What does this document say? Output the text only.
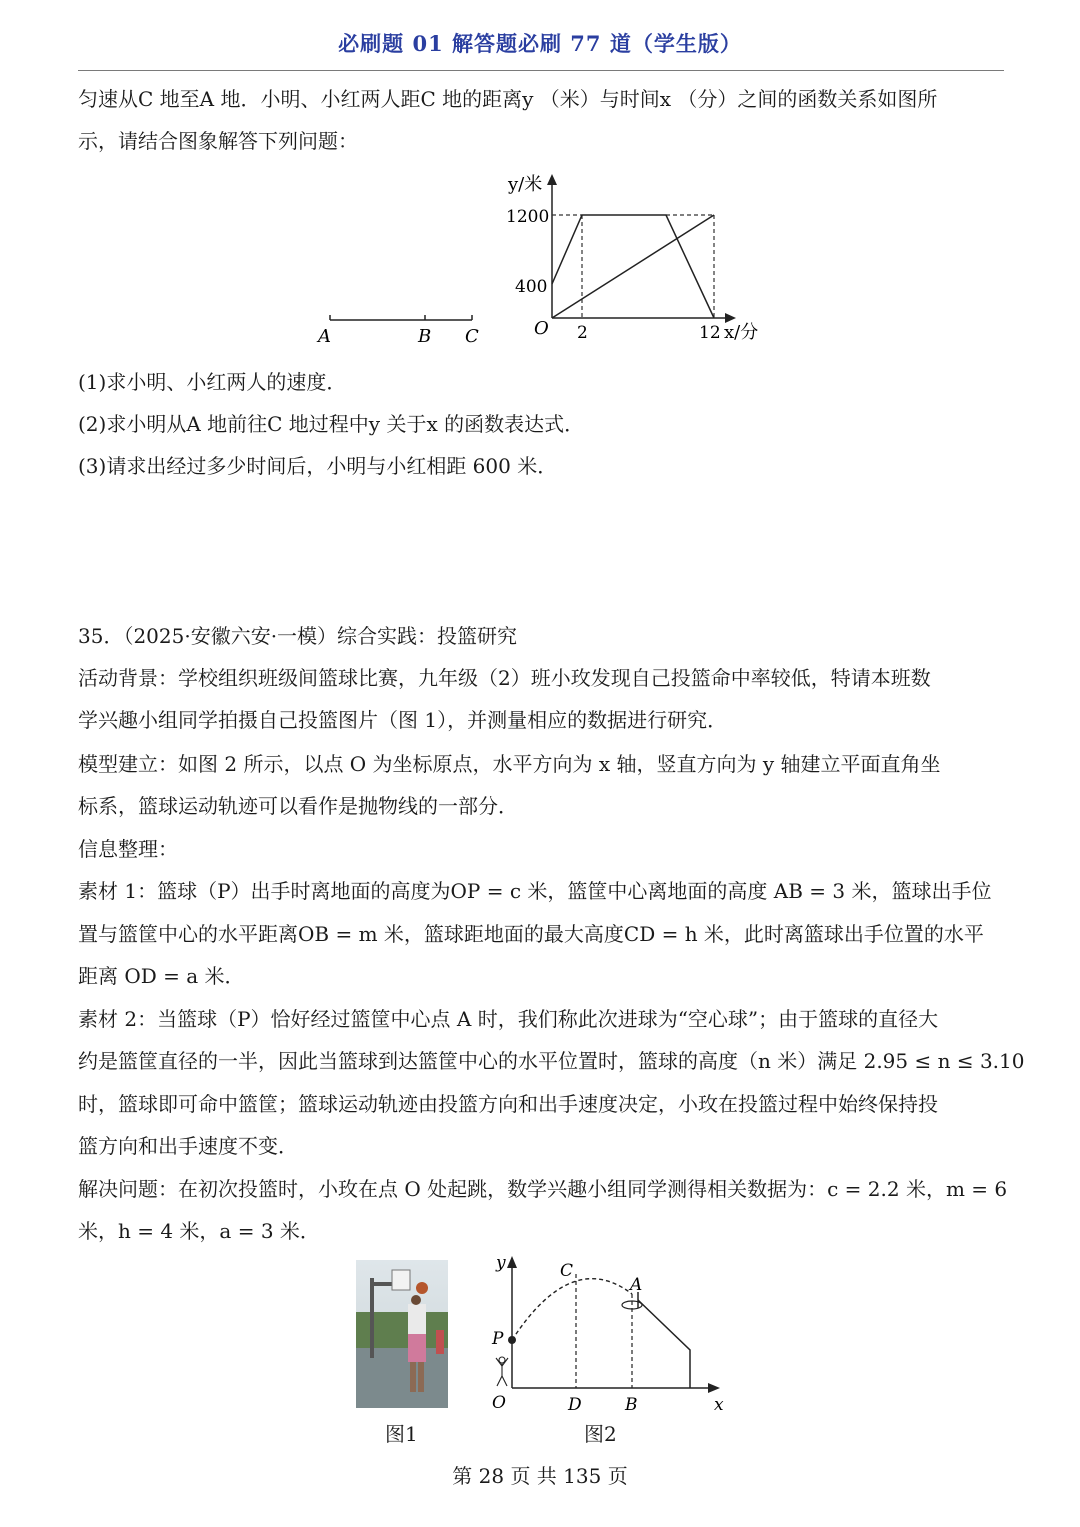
必刷题 01 解答题必刷 77 道（学生版）
匀速从C 地至A 地．小明、小红两人距C 地的距离y （米）与时间x （分）之间的函数关系如图所
示，请结合图象解答下列问题：
A	B C
y/米
1200
400
O 2	12 x/分
(1)求小明、小红两人的速度．
(2)求小明从A 地前往C 地过程中y 关于x 的函数表达式．
(3)请求出经过多少时间后，小明与小红相距 600 米．
35．（2025·安徽六安·一模）综合实践：投篮研究
活动背景：学校组织班级间篮球比赛，九年级（2）班小玫发现自己投篮命中率较低，特请本班数
学兴趣小组同学拍摄自己投篮图片（图 1），并测量相应的数据进行研究．
模型建立：如图 2 所示，以点 O 为坐标原点，水平方向为 x 轴，竖直方向为 y 轴建立平面直角坐
标系，篮球运动轨迹可以看作是抛物线的一部分．
信息整理：
素材 1：篮球（P）出手时离地面的高度为OP = c 米，篮筐中心离地面的高度 AB = 3 米，篮球出手位
置与篮筐中心的水平距离OB = m 米，篮球距地面的最大高度CD = h 米，此时离篮球出手位置的水平
距离 OD = a 米．
素材 2：当篮球（P）恰好经过篮筐中心点 A 时，我们称此次进球为“空心球”；由于篮球的直径大
约是篮筐直径的一半，因此当篮球到达篮筐中心的水平位置时，篮球的高度（n 米）满足 2.95 ≤ n ≤ 3.10
时，篮球即可命中篮筐；篮球运动轨迹由投篮方向和出手速度决定，小玫在投篮过程中始终保持投
篮方向和出手速度不变．
解决问题：在初次投篮时，小玫在点 O 处起跳，数学兴趣小组同学测得相关数据为：c = 2.2 米，m = 6
米，h = 4 米，a = 3 米．
图1
y
x
O
C
A
P
D	B
图2
第 28 页 共 135 页
